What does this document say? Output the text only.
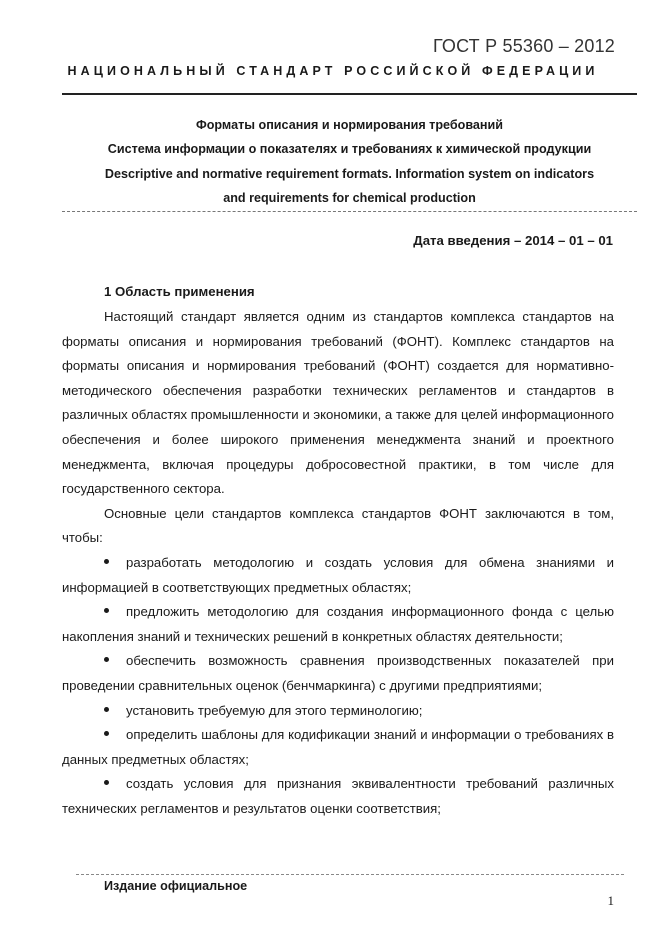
ГОСТ Р 55360 – 2012
НАЦИОНАЛЬНЫЙ СТАНДАРТ РОССИЙСКОЙ ФЕДЕРАЦИИ
Форматы описания и нормирования требований
Система информации о показателях и требованиях к химической продукции
Descriptive and normative requirement formats. Information system on indicators
and requirements for chemical production
Дата введения – 2014 – 01 – 01
1 Область применения

Настоящий стандарт является одним из стандартов комплекса стандартов на форматы описания и нормирования требований (ФОНТ). Комплекс стандартов на форматы описания и нормирования требований (ФОНТ) создается для нормативно-методического обеспечения разработки технических регламентов и стандартов в различных областях промышленности и экономики, а также для целей информационного обеспечения и более широкого применения менеджмента знаний и проектного менеджмента, включая процедуры добросовестной практики, в том числе для государственного сектора.

Основные цели стандартов комплекса стандартов ФОНТ заключаются в том, чтобы:

разработать методологию и создать условия для обмена знаниями и информацией в соответствующих предметных областях;
предложить методологию для создания информационного фонда с целью накопления знаний и технических решений в конкретных областях деятельности;
обеспечить возможность сравнения производственных показателей при проведении сравнительных оценок (бенчмаркинга) с другими предприятиями;
установить требуемую для этого терминологию;
определить шаблоны для кодификации знаний и информации о требованиях в данных предметных областях;
создать условия для признания эквивалентности требований различных технических регламентов и результатов оценки соответствия;
Издание официальное
1
